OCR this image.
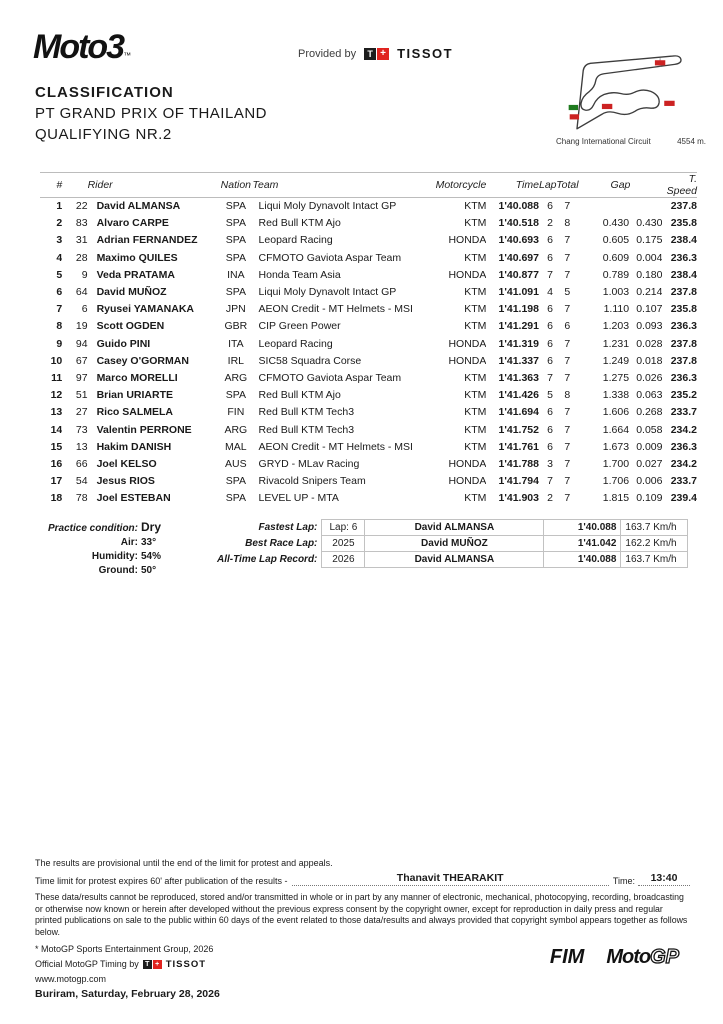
Moto3™	Provided by	T + TISSOT
CLASSIFICATION
PT GRAND PRIX OF THAILAND
QUALIFYING NR.2	Chang International Circuit	4554 m.
#		Rider	Nation	Team	Motorcycle	Time	Lap	Total	Gap		T. Speed
1	22	David ALMANSA	SPA	Liqui Moly Dynavolt Intact GP	KTM	1'40.088	6	7			237.8
2	83	Alvaro CARPE	SPA	Red Bull KTM Ajo	KTM	1'40.518	2	8	0.430	0.430	235.8
3	31	Adrian FERNANDEZ	SPA	Leopard Racing	HONDA	1'40.693	6	7	0.605	0.175	238.4
4	28	Maximo QUILES	SPA	CFMOTO Gaviota Aspar Team	KTM	1'40.697	6	7	0.609	0.004	236.3
5	9	Veda PRATAMA	INA	Honda Team Asia	HONDA	1'40.877	7	7	0.789	0.180	238.4
6	64	David MUÑOZ	SPA	Liqui Moly Dynavolt Intact GP	KTM	1'41.091	4	5	1.003	0.214	237.8
7	6	Ryusei YAMANAKA	JPN	AEON Credit - MT Helmets - MSI	KTM	1'41.198	6	7	1.110	0.107	235.8
8	19	Scott OGDEN	GBR	CIP Green Power	KTM	1'41.291	6	6	1.203	0.093	236.3
9	94	Guido PINI	ITA	Leopard Racing	HONDA	1'41.319	6	7	1.231	0.028	237.8
10	67	Casey O'GORMAN	IRL	SIC58 Squadra Corse	HONDA	1'41.337	6	7	1.249	0.018	237.8
11	97	Marco MORELLI	ARG	CFMOTO Gaviota Aspar Team	KTM	1'41.363	7	7	1.275	0.026	236.3
12	51	Brian URIARTE	SPA	Red Bull KTM Ajo	KTM	1'41.426	5	8	1.338	0.063	235.2
13	27	Rico SALMELA	FIN	Red Bull KTM Tech3	KTM	1'41.694	6	7	1.606	0.268	233.7
14	73	Valentin PERRONE	ARG	Red Bull KTM Tech3	KTM	1'41.752	6	7	1.664	0.058	234.2
15	13	Hakim DANISH	MAL	AEON Credit - MT Helmets - MSI	KTM	1'41.761	6	7	1.673	0.009	236.3
16	66	Joel KELSO	AUS	GRYD - MLav Racing	HONDA	1'41.788	3	7	1.700	0.027	234.2
17	54	Jesus RIOS	SPA	Rivacold Snipers Team	HONDA	1'41.794	7	7	1.706	0.006	233.7
18	78	Joel ESTEBAN	SPA	LEVEL UP - MTA	KTM	1'41.903	2	7	1.815	0.109	239.4
Practice condition: Dry
Air: 33°
Humidity: 54%
Ground: 50°
Fastest Lap:	Lap: 6	David ALMANSA	1'40.088	163.7 Km/h
Best Race Lap:	2025	David MUÑOZ	1'41.042	162.2 Km/h
All-Time Lap Record:	2026	David ALMANSA	1'40.088	163.7 Km/h
The results are provisional until the end of the limit for protest and appeals.
Time limit for protest expires 60' after publication of the results -	Thanavit THEARAKIT	Time:	13:40
These data/results cannot be reproduced, stored and/or transmitted in whole or in part by any manner of electronic, mechanical, photocopying, recording, broadcasting or otherwise now known or herein after developed without the previous express consent by the copyright owner, except for reproduction in daily press and regular printed publications on sale to the public within 60 days of the event related to those data/results and always provided that copyright symbol appears together as follows below.
* MotoGP Sports Entertainment Group, 2026
Official MotoGP Timing by T + TISSOT
www.motogp.com
Buriram, Saturday, February 28, 2026
FIM MotoGP
